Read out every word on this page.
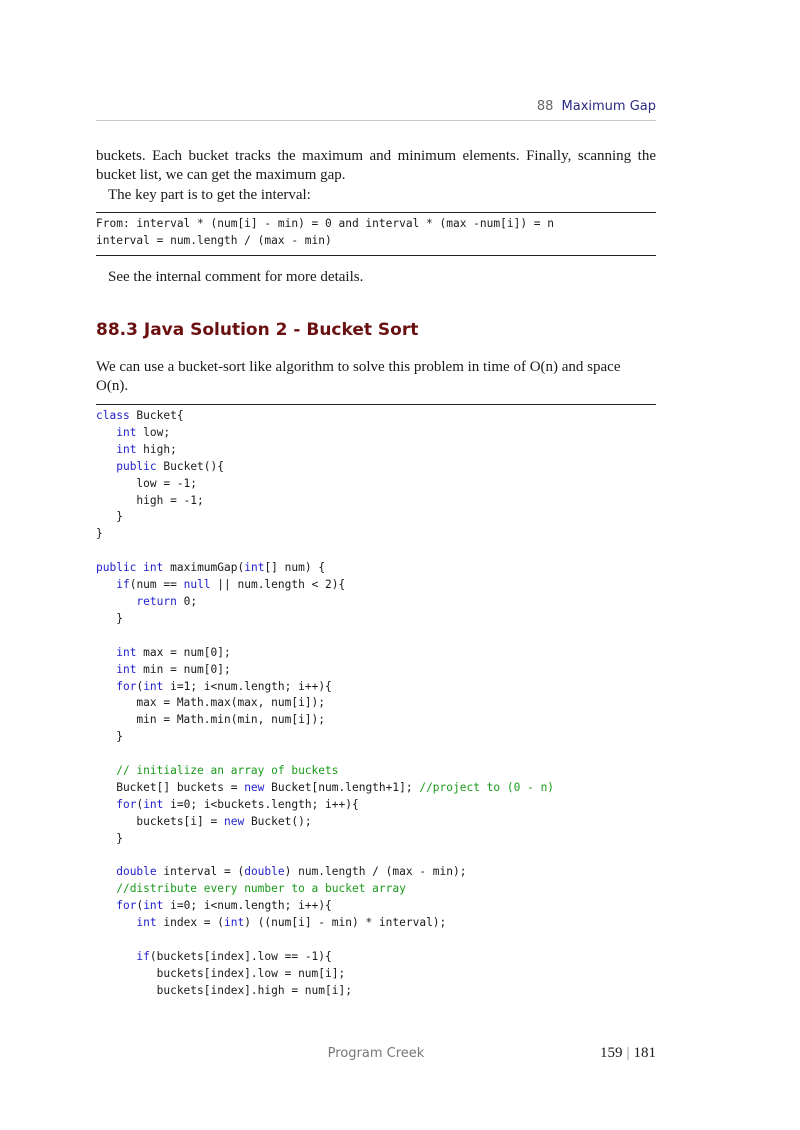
88 Maximum Gap
buckets. Each bucket tracks the maximum and minimum elements. Finally, scanning the bucket list, we can get the maximum gap.
The key part is to get the interval:
From: interval * (num[i] - min) = 0 and interval * (max -num[i]) = n
interval = num.length / (max - min)
See the internal comment for more details.
88.3 Java Solution 2 - Bucket Sort
We can use a bucket-sort like algorithm to solve this problem in time of O(n) and space O(n).
class Bucket{
int low;
int high;
public Bucket(){
low = -1;
high = -1;
}
}

public int maximumGap(int[] num) {
if(num == null || num.length < 2){
return 0;
}

int max = num[0];
int min = num[0];
for(int i=1; i<num.length; i++){
max = Math.max(max, num[i]);
min = Math.min(min, num[i]);
}

// initialize an array of buckets
Bucket[] buckets = new Bucket[num.length+1]; //project to (0 - n)
for(int i=0; i<buckets.length; i++){
buckets[i] = new Bucket();
}

double interval = (double) num.length / (max - min);
//distribute every number to a bucket array
for(int i=0; i<num.length; i++){
int index = (int) ((num[i] - min) * interval);

if(buckets[index].low == -1){
buckets[index].low = num[i];
buckets[index].high = num[i];
Program Creek	159 | 181
